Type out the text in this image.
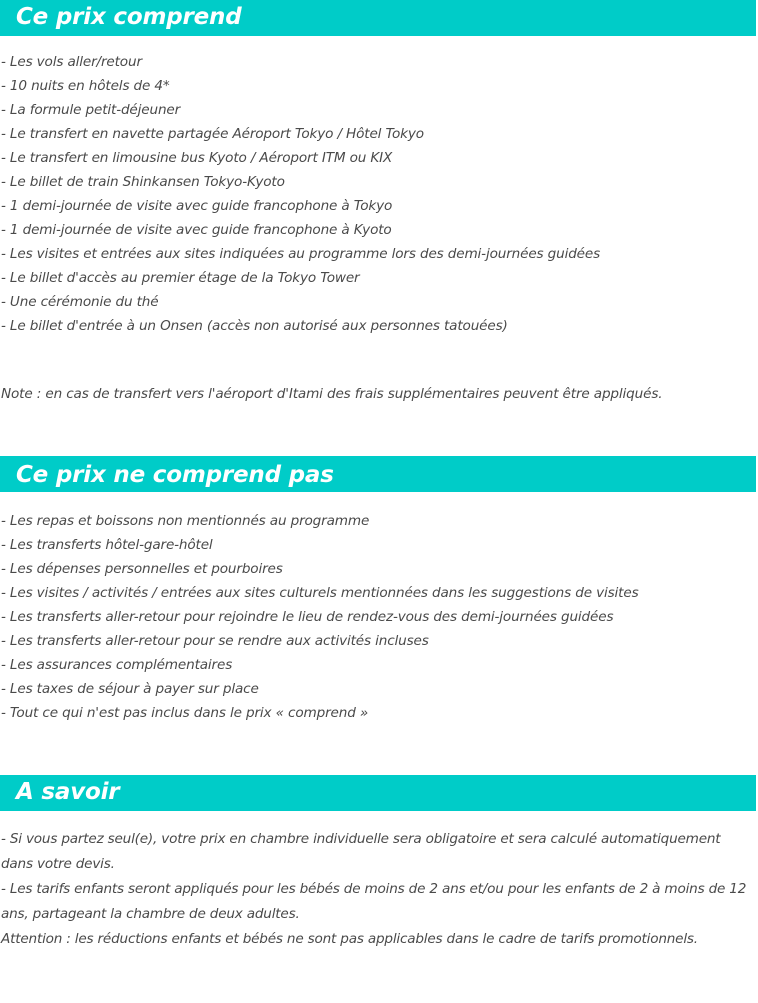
Ce prix comprend
- Les vols aller/retour
- 10 nuits en hôtels de 4*
- La formule petit-déjeuner
- Le transfert en navette partagée Aéroport Tokyo / Hôtel Tokyo
- Le transfert en limousine bus Kyoto / Aéroport ITM ou KIX
- Le billet de train Shinkansen Tokyo-Kyoto
- 1 demi-journée de visite avec guide francophone à Tokyo
- 1 demi-journée de visite avec guide francophone à Kyoto
- Les visites et entrées aux sites indiquées au programme lors des demi-journées guidées
- Le billet d'accès au premier étage de la Tokyo Tower
- Une cérémonie du thé
- Le billet d'entrée à un Onsen (accès non autorisé aux personnes tatouées)
Note : en cas de transfert vers l'aéroport d'Itami des frais supplémentaires peuvent être appliqués.
Ce prix ne comprend pas
- Les repas et boissons non mentionnés au programme
- Les transferts hôtel-gare-hôtel
- Les dépenses personnelles et pourboires
- Les visites / activités / entrées aux sites culturels mentionnées dans les suggestions de visites
- Les transferts aller-retour pour rejoindre le lieu de rendez-vous des demi-journées guidées
- Les transferts aller-retour pour se rendre aux activités incluses
- Les assurances complémentaires
- Les taxes de séjour à payer sur place
- Tout ce qui n'est pas inclus dans le prix « comprend »
A savoir
- Si vous partez seul(e), votre prix en chambre individuelle sera obligatoire et sera calculé automatiquement dans votre devis.
- Les tarifs enfants seront appliqués pour les bébés de moins de 2 ans et/ou pour les enfants de 2 à moins de 12 ans, partageant la chambre de deux adultes.
Attention : les réductions enfants et bébés ne sont pas applicables dans le cadre de tarifs promotionnels.
